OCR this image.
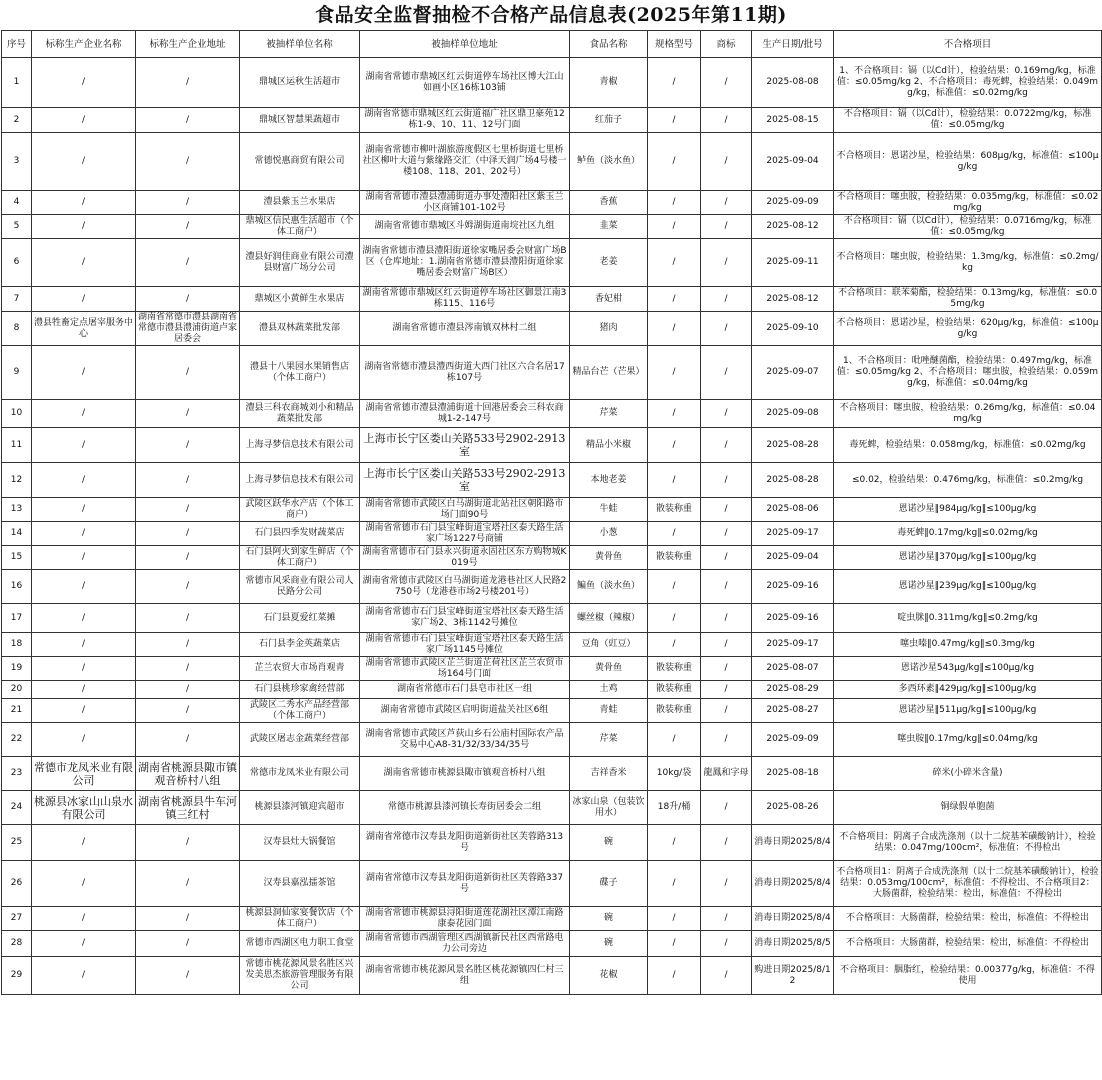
食品安全监督抽检不合格产品信息表(2025年第11期)
序号	标称生产企业名称	标称生产企业地址	被抽样单位名称	被抽样单位地址	食品名称	规格型号	商标	生产日期/批号	不合格项目
1	/	/	鼎城区运秋生活超市	湖南省常德市鼎城区红云街道停车场社区博大江山如画小区16栋103铺	青椒	/	/	2025-08-08	1、不合格项目：镉（以Cd计），检验结果：0.169mg/kg，标准值：≤0.05mg/kg 2、不合格项目：毒死蜱，检验结果：0.049mg/kg，标准值：≤0.02mg/kg
2	/	/	鼎城区智慧果蔬超市	湖南省常德市鼎城区红云街道福广社区鼎卫豪苑12栋1-9、10、11、12号门面	红茄子	/	/	2025-08-15	不合格项目：镉（以Cd计），检验结果：0.0722mg/kg，标准值：≤0.05mg/kg
3	/	/	常德悦惠商贸有限公司	湖南省常德市柳叶湖旅游度假区七里桥街道七里桥社区柳叶大道与紫缘路交汇（中泽天润广场4号楼一楼108、118、201、202号）	鲈鱼（淡水鱼）	/	/	2025-09-04	不合格项目：恩诺沙星，检验结果：608μg/kg，标准值：≤100μg/kg
4	/	/	澧县紫玉兰水果店	湖南省常德市澧县澧浦街道办事处澧阳社区紫玉兰小区商铺101-102号	香蕉	/	/	2025-09-09	不合格项目：噻虫胺，检验结果：0.035mg/kg，标准值：≤0.02mg/kg
5	/	/	鼎城区信民惠生活超市（个体工商户）	湖南省常德市鼎城区斗姆湖街道南垸社区九组	韭菜	/	/	2025-08-12	不合格项目：镉（以Cd计），检验结果：0.0716mg/kg，标准值：≤0.05mg/kg
6	/	/	澧县好润佳商业有限公司澧县财富广场分公司	湖南省常德市澧县澧阳街道徐家嘴居委会财富广场B区（仓库地址：1.湖南省常德市澧县澧阳街道徐家嘴居委会财富广场B区）	老姜	/	/	2025-09-11	不合格项目：噻虫胺，检验结果：1.3mg/kg，标准值：≤0.2mg/kg
7	/	/	鼎城区小黄鲜生水果店	湖南省常德市鼎城区红云街道停车场社区御景江南3栋115、116号	香妃柑	/	/	2025-08-12	不合格项目：联苯菊酯，检验结果：0.13mg/kg，标准值：≤0.05mg/kg
8	澧县牲畜定点屠宰服务中心	湖南省常德市澧县湖南省常德市澧县澧浦街道卢家居委会	澧县双林蔬菜批发部	湖南省常德市澧县涔南镇双林村二组	猪肉	/	/	2025-09-10	不合格项目：恩诺沙星，检验结果：620μg/kg，标准值：≤100μg/kg
9	/	/	澧县十八果园水果销售店（个体工商户）	湖南省常德市澧县澧西街道大西门社区六合名居17栋107号	精品台芒（芒果）	/	/	2025-09-07	1、不合格项目：吡唑醚菌酯，检验结果：0.497mg/kg，标准值：≤0.05mg/kg 2、不合格项目：噻虫胺，检验结果：0.059mg/kg，标准值：≤0.04mg/kg
10	/	/	澧县三科农商城刘小和精品蔬菜批发部	湖南省常德市澧县澧浦街道十回港居委会三科农商城1-2-147号	芹菜	/	/	2025-09-08	不合格项目：噻虫胺，检验结果：0.26mg/kg，标准值：≤0.04mg/kg
11	/	/	上海寻梦信息技术有限公司	上海市长宁区娄山关路533号2902-2913室	精品小米椒	/	/	2025-08-28	毒死蜱，检验结果：0.058mg/kg，标准值：≤0.02mg/kg
12	/	/	上海寻梦信息技术有限公司	上海市长宁区娄山关路533号2902-2913室	本地老姜	/	/	2025-08-28	≤0.02，检验结果：0.476mg/kg，标准值：≤0.2mg/kg
13	/	/	武陵区跃华水产店（个体工商户）	湖南省常德市武陵区白马湖街道北站社区朝阳路市场门面90号	牛蛙	散装称重	/	2025-08-06	恩诺沙星‖984μg/kg‖≤100μg/kg
14	/	/	石门县四季发财蔬菜店	湖南省常德市石门县宝峰街道宝塔社区泰天路生活家广场1227号商铺	小葱	/	/	2025-09-17	毒死蜱‖0.17mg/kg‖≤0.02mg/kg
15	/	/	石门县阿火到家生鲜店（个体工商户）	湖南省常德市石门县永兴街道永固社区东方购物城K019号	黄骨鱼	散装称重	/	2025-09-04	恩诺沙星‖370μg/kg‖≤100μg/kg
16	/	/	常德市风采商业有限公司人民路分公司	湖南省常德市武陵区白马湖街道龙港巷社区人民路2750号（龙港巷市场2号楼201号）	鳊鱼（淡水鱼）	/	/	2025-09-16	恩诺沙星‖239μg/kg‖≤100μg/kg
17	/	/	石门县夏爱红菜摊	湖南省常德市石门县宝峰街道宝塔社区泰天路生活家广场2、3栋1142号摊位	螺丝椒（辣椒）	/	/	2025-09-16	啶虫脒‖0.311mg/kg‖≤0.2mg/kg
18	/	/	石门县李金英蔬菜店	湖南省常德市石门县宝峰街道宝塔社区泰天路生活家广场1145号摊位	豆角（豇豆）	/	/	2025-09-17	噻虫嗪‖0.47mg/kg‖≤0.3mg/kg
19	/	/	芷兰农贸大市场肖观青	湖南省常德市武陵区芷兰街道芷荷社区芷兰农贸市场164号门面	黄骨鱼	散装称重	/	2025-08-07	恩诺沙星543μg/kg‖≤100μg/kg
20	/	/	石门县桃珍家禽经营部	湖南省常德市石门县皂市社区一组	土鸡	散装称重	/	2025-08-29	多西环素‖429μg/kg‖≤100μg/kg
21	/	/	武陵区二秀水产品经营部（个体工商户）	湖南省常德市武陵区启明街道盐关社区6组	青蛙	散装称重	/	2025-08-27	恩诺沙星‖511μg/kg‖≤100μg/kg
22	/	/	武陵区屠志金蔬菜经营部	湖南省常德市武陵区芦荻山乡石公庙村国际农产品交易中心A8-31/32/33/34/35号	芹菜	/	/	2025-09-09	噻虫胺‖0.17mg/kg‖≤0.04mg/kg
23	常德市龙凤米业有限公司	湖南省桃源县陬市镇观音桥村八组	常德市龙凤米业有限公司	湖南省常德市桃源县陬市镇观音桥村八组	吉祥香米	10kg/袋	龍鳳和字母	2025-08-18	碎米(小碎米含量)
24	桃源县冰家山山泉水有限公司	湖南省桃源县牛车河镇三红村	桃源县漆河镇迎宾超市	常德市桃源县漆河镇长寿街居委会二组	冰家山泉（包装饮用水）	18升/桶	/	2025-08-26	铜绿假单胞菌
25	/	/	汉寿县灶大锅餐馆	湖南省常德市汉寿县龙阳街道新街社区芙蓉路313号	碗	/	/	消毒日期2025/8/4	不合格项目：阴离子合成洗涤剂（以十二烷基苯磺酸钠计），检验结果：0.047mg/100cm²，标准值：不得检出
26	/	/	汉寿县嘉泓擂茶馆	湖南省常德市汉寿县龙阳街道新街社区芙蓉路337号	碟子	/	/	消毒日期2025/8/4	不合格项目1：阴离子合成洗涤剂（以十二烷基苯磺酸钠计），检验结果：0.053mg/100cm²，标准值：不得检出、不合格项目2：大肠菌群，检验结果：检出，标准值：不得检出
27	/	/	桃源县洞仙家宴餐饮店（个体工商户）	湖南省常德市桃源县浔阳街道莲花湖社区潭江南路康泰花园门面	碗	/	/	消毒日期2025/8/4	不合格项目：大肠菌群，检验结果：检出，标准值：不得检出
28	/	/	常德市西湖区电力职工食堂	湖南省常德市西湖管理区西湖镇新民社区西常路电力公司旁边	碗	/	/	消毒日期2025/8/5	不合格项目：大肠菌群，检验结果：检出，标准值：不得检出
29	/	/	常德市桃花源风景名胜区兴发美思杰旅游管理服务有限公司	湖南省常德市桃花源风景名胜区桃花源镇四仁村三组	花椒	/	/	购进日期2025/8/12	不合格项目：胭脂红，检验结果：0.00377g/kg，标准值：不得使用
